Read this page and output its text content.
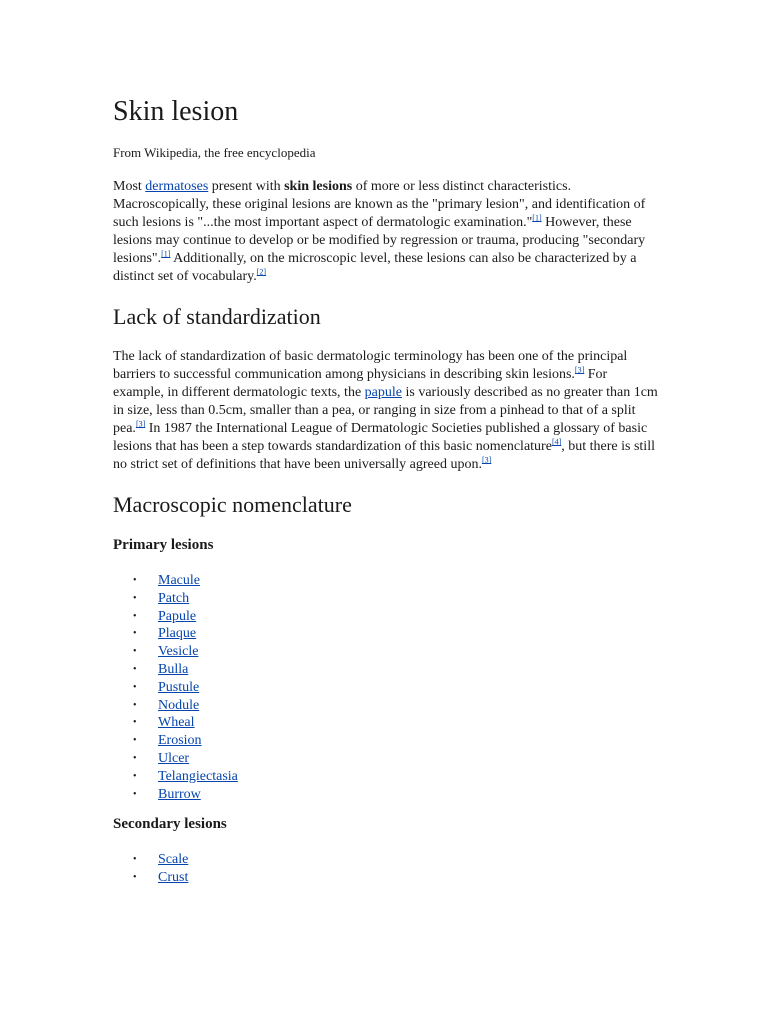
Skin lesion
From Wikipedia, the free encyclopedia

Most dermatoses present with skin lesions of more or less distinct characteristics. Macroscopically, these original lesions are known as the "primary lesion", and identification of such lesions is "...the most important aspect of dermatologic examination."[1] However, these lesions may continue to develop or be modified by regression or trauma, producing "secondary lesions".[1] Additionally, on the microscopic level, these lesions can also be characterized by a distinct set of vocabulary.[2]

Lack of standardization

The lack of standardization of basic dermatologic terminology has been one of the principal barriers to successful communication among physicians in describing skin lesions.[3] For example, in different dermatologic texts, the papule is variously described as no greater than 1cm in size, less than 0.5cm, smaller than a pea, or ranging in size from a pinhead to that of a split pea.[3] In 1987 the International League of Dermatologic Societies published a glossary of basic lesions that has been a step towards standardization of this basic nomenclature[4], but there is still no strict set of definitions that have been universally agreed upon.[3]

Macroscopic nomenclature
Primary lesions
• Macule
• Patch
• Papule
• Plaque
• Vesicle
• Bulla
• Pustule
• Nodule
• Wheal
• Erosion
• Ulcer
• Telangiectasia
• Burrow
Secondary lesions
• Scale
• Crust
